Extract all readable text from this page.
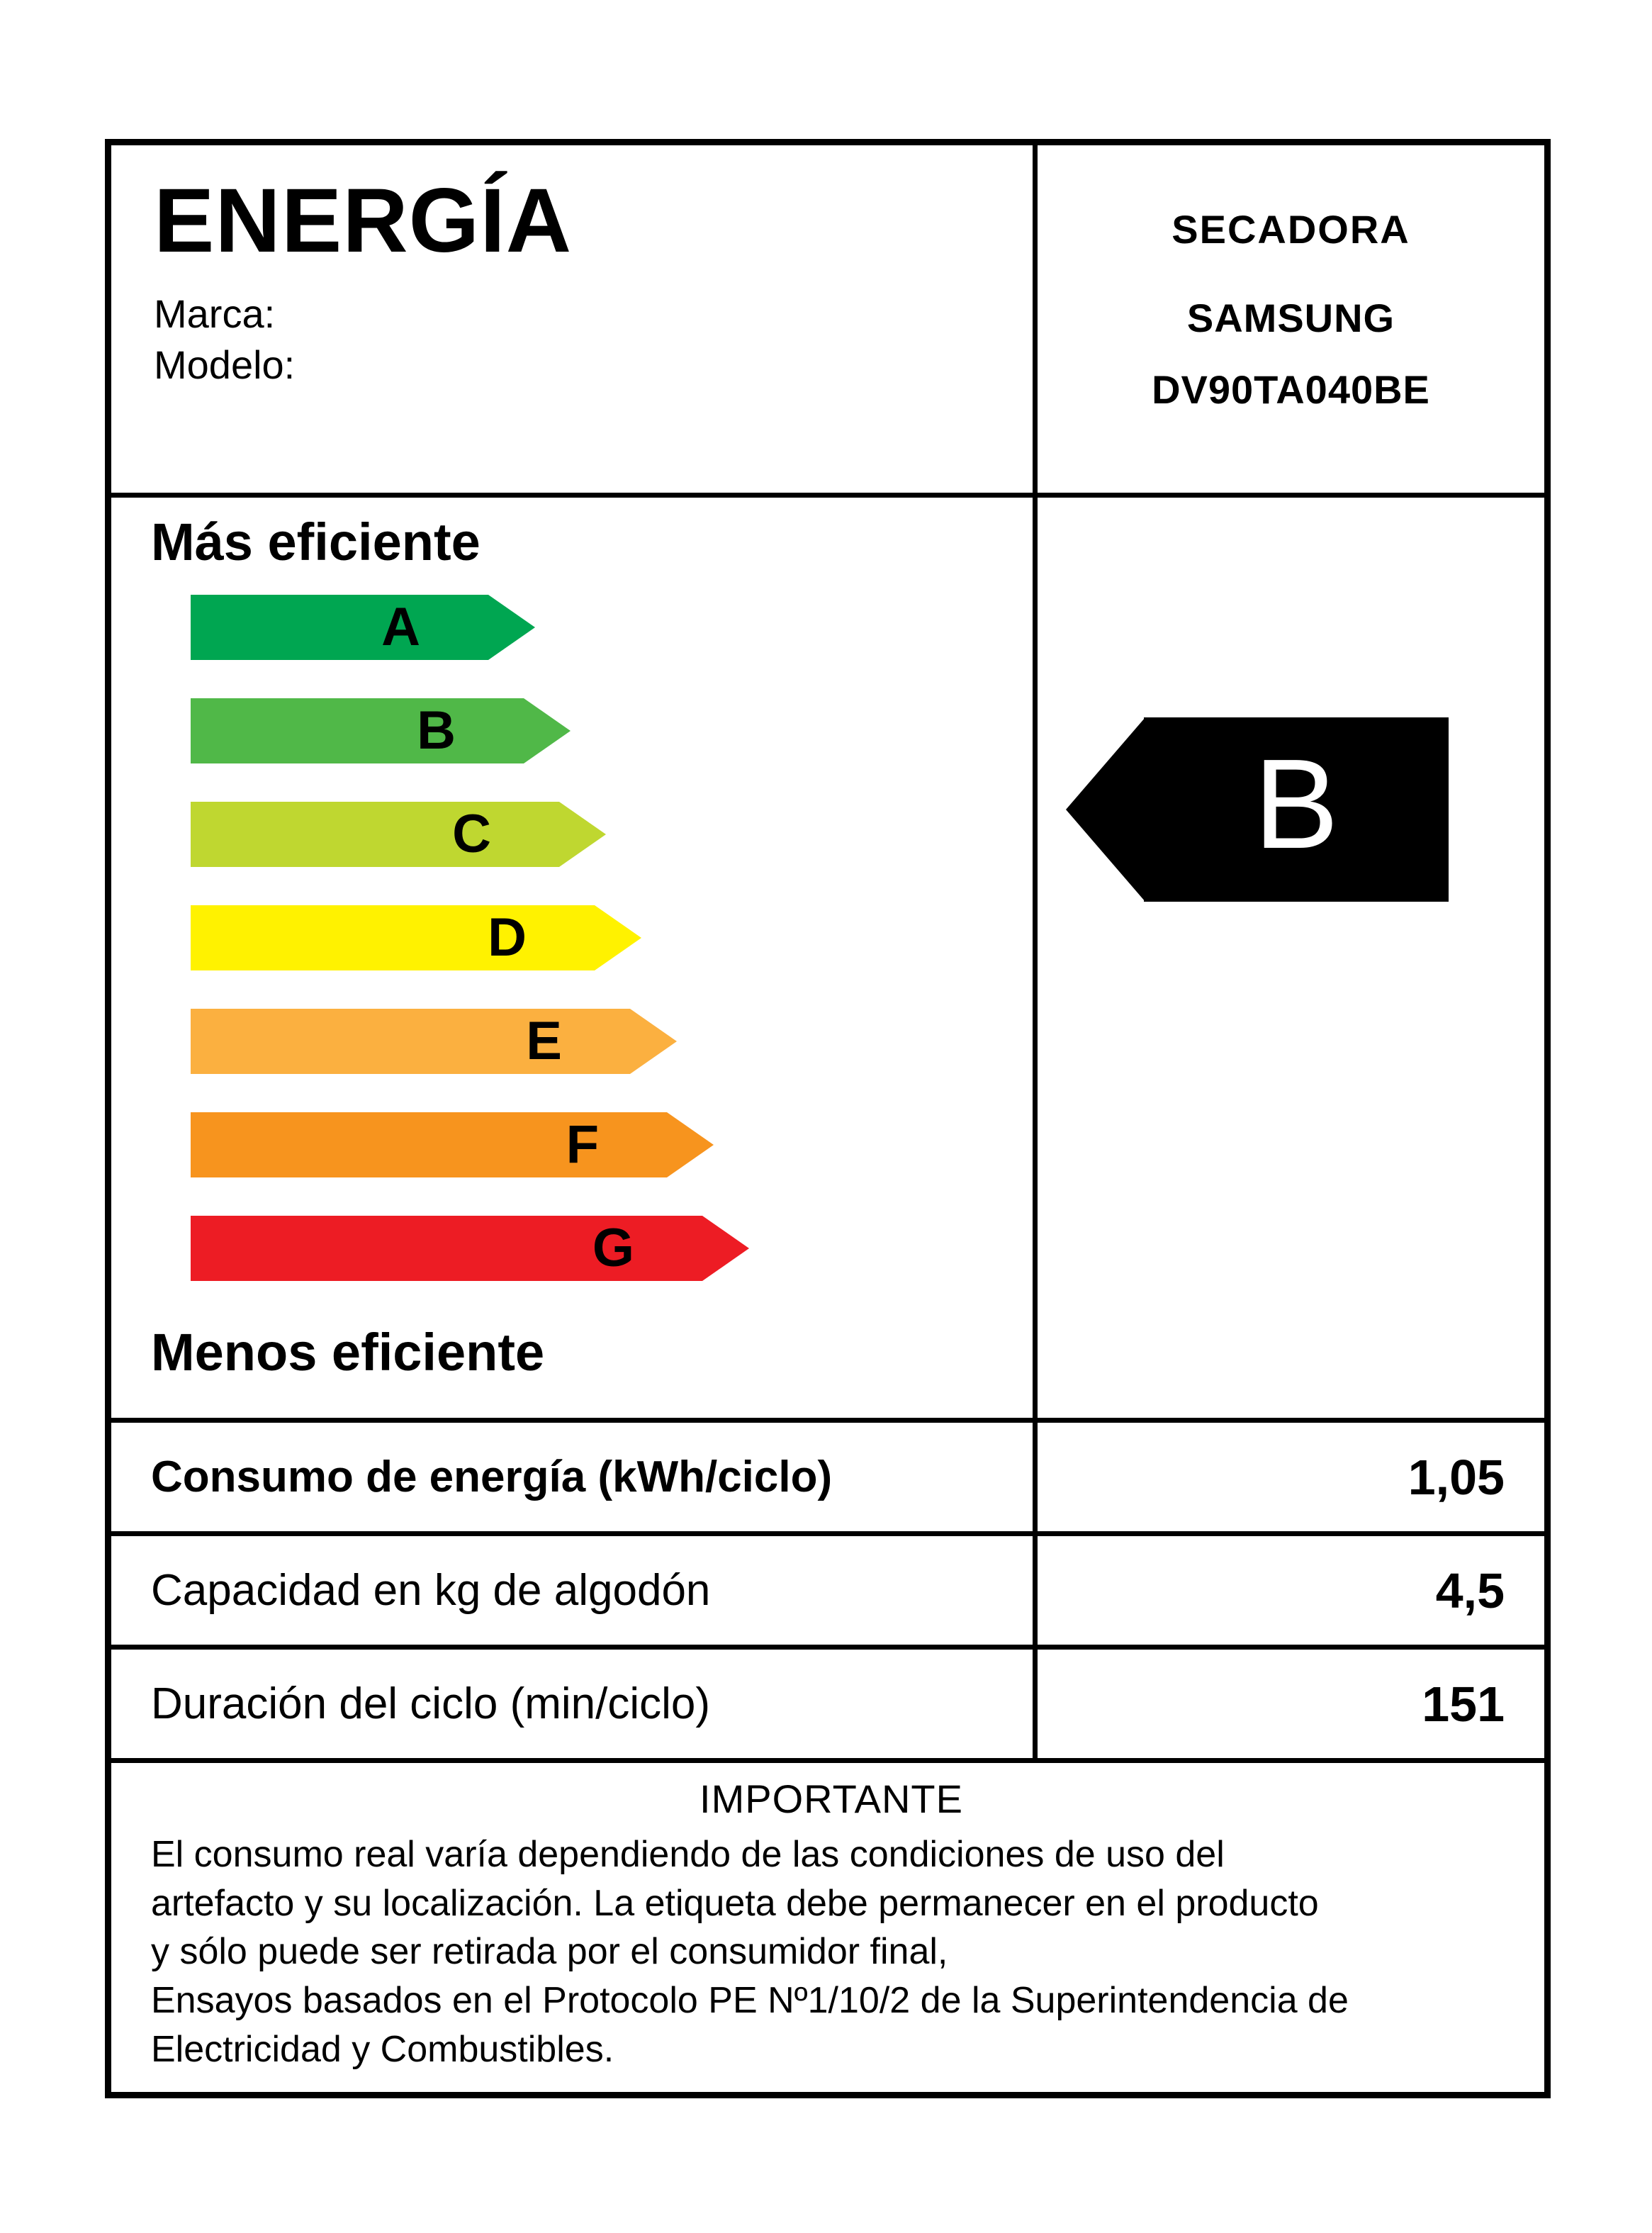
ENERGÍA
Marca:
Modelo:
SECADORA
SAMSUNG
DV90TA040BE
Más eficiente
A
B
C
D
E
F
G
Menos eficiente
B
Consumo de energía (kWh/ciclo)	1,05
Capacidad en kg de algodón	4,5
Duración del ciclo (min/ciclo)	151
IMPORTANTE

El consumo real varía dependiendo de las condiciones de uso del

artefacto y su localización. La etiqueta debe permanecer en el producto

y sólo puede ser retirada por el consumidor final,

Ensayos basados en el Protocolo PE Nº1/10/2 de la Superintendencia de

Electricidad y Combustibles.
